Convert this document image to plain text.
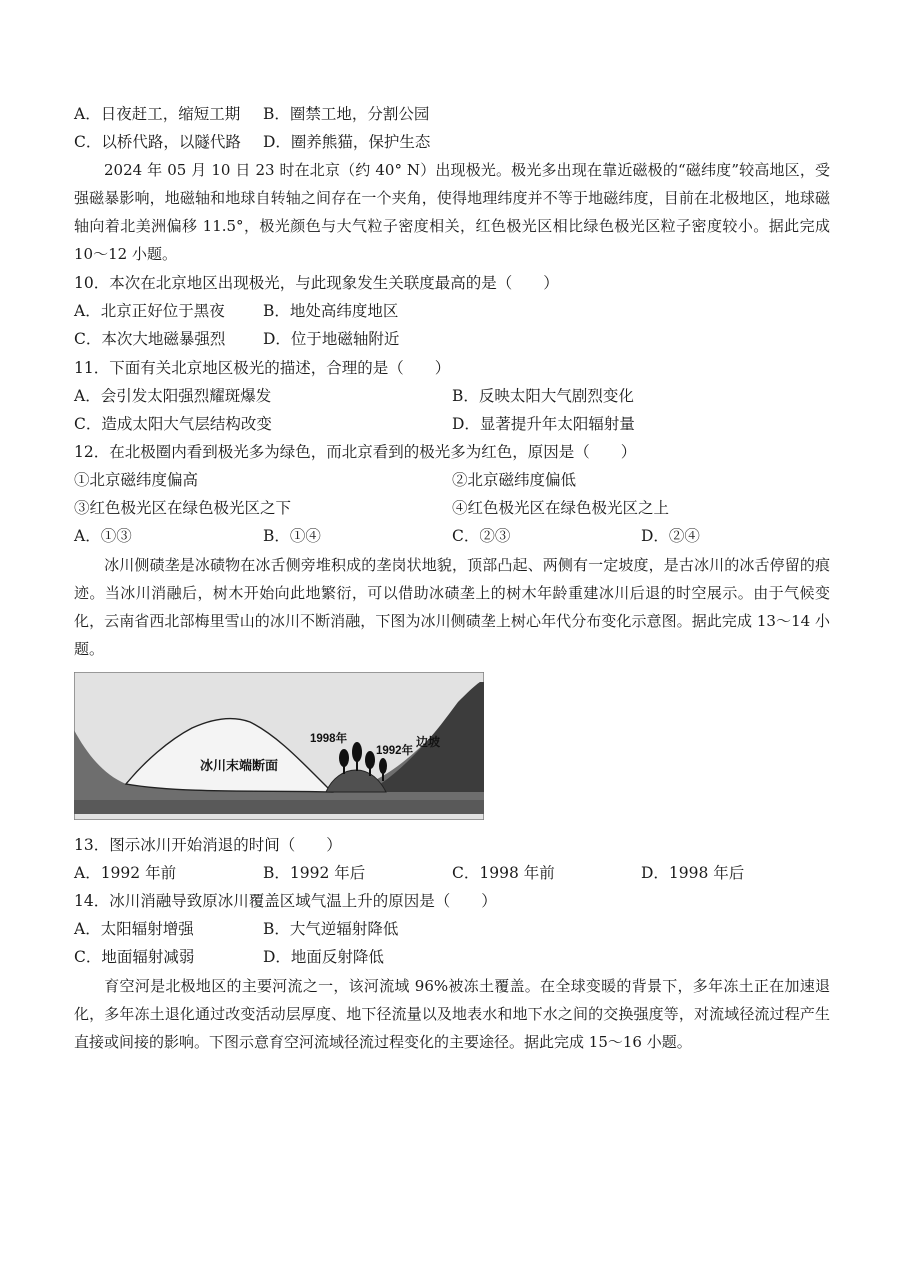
A．日夜赶工，缩短工期 B．圈禁工地，分割公园
C．以桥代路，以隧代路 D．圈养熊猫，保护生态
2024 年 05 月 10 日 23 时在北京（约 40° N）出现极光。极光多出现在靠近磁极的“磁纬度”较高地区，受强磁暴影响，地磁轴和地球自转轴之间存在一个夹角，使得地理纬度并不等于地磁纬度，目前在北极地区，地球磁轴向着北美洲偏移 11.5°，极光颜色与大气粒子密度相关，红色极光区相比绿色极光区粒子密度较小。据此完成 10～12 小题。
10．本次在北京地区出现极光，与此现象发生关联度最高的是（　　）
A．北京正好位于黑夜 B．地处高纬度地区
C．本次大地磁暴强烈 D．位于地磁轴附近
11．下面有关北京地区极光的描述，合理的是（　　）
A．会引发太阳强烈耀斑爆发	B．反映太阳大气剧烈变化
C．造成太阳大气层结构改变	D．显著提升年太阳辐射量
12．在北极圈内看到极光多为绿色，而北京看到的极光多为红色，原因是（　　）
①北京磁纬度偏高	②北京磁纬度偏低
③红色极光区在绿色极光区之下	④红色极光区在绿色极光区之上
A．①③	B．①④	C．②③	D．②④
冰川侧碛垄是冰碛物在冰舌侧旁堆积成的垄岗状地貌，顶部凸起、两侧有一定坡度，是古冰川的冰舌停留的痕迹。当冰川消融后，树木开始向此地繁衍，可以借助冰碛垄上的树木年龄重建冰川后退的时空展示。由于气候变化，云南省西北部梅里雪山的冰川不断消融，下图为冰川侧碛垄上树心年代分布变化示意图。据此完成 13～14 小题。
冰川末端断面
1998年
1992年
边坡
13．图示冰川开始消退的时间（　　）
A．1992 年前	B．1992 年后	C．1998 年前	D．1998 年后
14．冰川消融导致原冰川覆盖区域气温上升的原因是（　　）
A．太阳辐射增强	B．大气逆辐射降低
C．地面辐射减弱	D．地面反射降低
育空河是北极地区的主要河流之一，该河流域 96%被冻土覆盖。在全球变暖的背景下，多年冻土正在加速退化，多年冻土退化通过改变活动层厚度、地下径流量以及地表水和地下水之间的交换强度等，对流域径流过程产生直接或间接的影响。下图示意育空河流域径流过程变化的主要途径。据此完成 15～16 小题。
